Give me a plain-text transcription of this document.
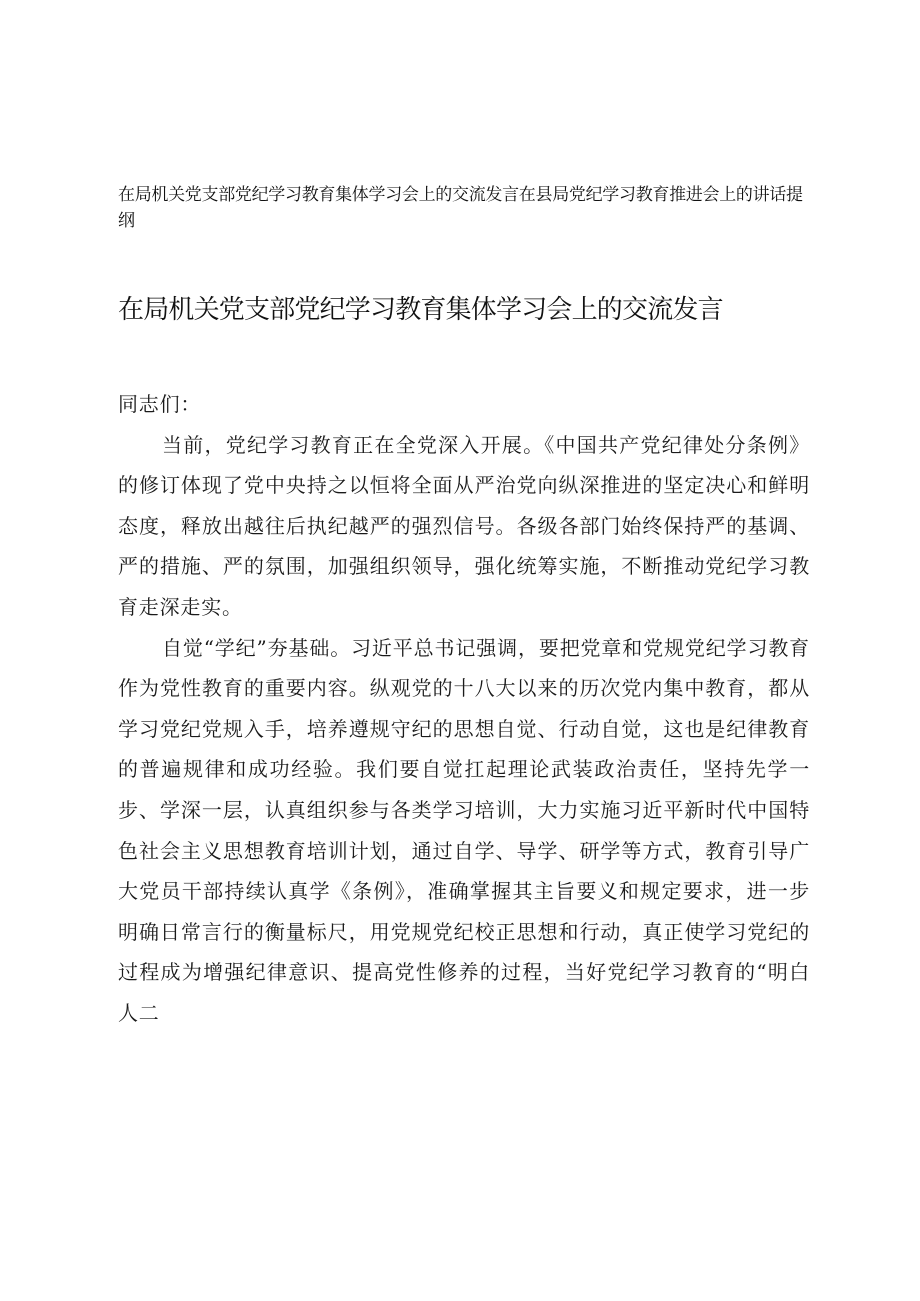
在局机关党支部党纪学习教育集体学习会上的交流发言在县局党纪学习教育推进会上的讲话提纲
在局机关党支部党纪学习教育集体学习会上的交流发言

同志们：

当前，党纪学习教育正在全党深入开展。《中国共产党纪律处分条例》的修订体现了党中央持之以恒将全面从严治党向纵深推进的坚定决心和鲜明态度，释放出越往后执纪越严的强烈信号。各级各部门始终保持严的基调、严的措施、严的氛围，加强组织领导，强化统筹实施，不断推动党纪学习教育走深走实。

自觉“学纪”夯基础。习近平总书记强调，要把党章和党规党纪学习教育作为党性教育的重要内容。纵观党的十八大以来的历次党内集中教育，都从学习党纪党规入手，培养遵规守纪的思想自觉、行动自觉，这也是纪律教育的普遍规律和成功经验。我们要自觉扛起理论武装政治责任，坚持先学一步、学深一层，认真组织参与各类学习培训，大力实施习近平新时代中国特色社会主义思想教育培训计划，通过自学、导学、研学等方式，教育引导广大党员干部持续认真学《条例》，准确掌握其主旨要义和规定要求，进一步明确日常言行的衡量标尺，用党规党纪校正思想和行动，真正使学习党纪的过程成为增强纪律意识、提高党性修养的过程，当好党纪学习教育的“明白人二
